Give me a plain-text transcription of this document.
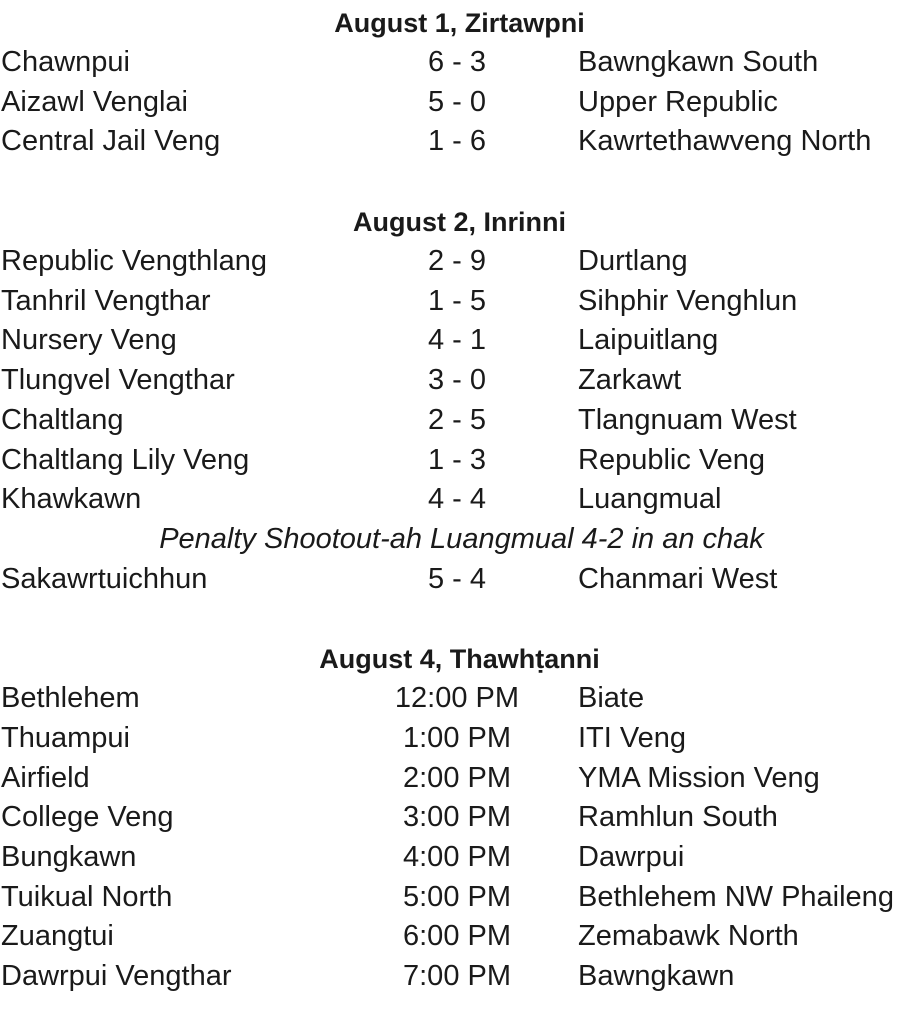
August 1, Zirtawpni
Chawnpui	6 - 3	Bawngkawn South
Aizawl Venglai	5 - 0	Upper Republic
Central Jail Veng	1 - 6	Kawrtethawveng North
August 2, Inrinni
Republic Vengthlang	2 - 9	Durtlang
Tanhril Vengthar	1 - 5	Sihphir Venghlun
Nursery Veng	4 - 1	Laipuitlang
Tlungvel Vengthar	3 - 0	Zarkawt
Chaltlang	2 - 5	Tlangnuam West
Chaltlang Lily Veng	1 - 3	Republic Veng
Khawkawn	4 - 4	Luangmual
Penalty Shootout-ah Luangmual 4-2 in an chak
Sakawrtuichhun	5 - 4	Chanmari West
August 4, Thawhṭanni
Bethlehem	12:00 PM	Biate
Thuampui	1:00 PM	ITI Veng
Airfield	2:00 PM	YMA Mission Veng
College Veng	3:00 PM	Ramhlun South
Bungkawn	4:00 PM	Dawrpui
Tuikual North	5:00 PM	Bethlehem NW Phaileng
Zuangtui	6:00 PM	Zemabawk North
Dawrpui Vengthar	7:00 PM	Bawngkawn
